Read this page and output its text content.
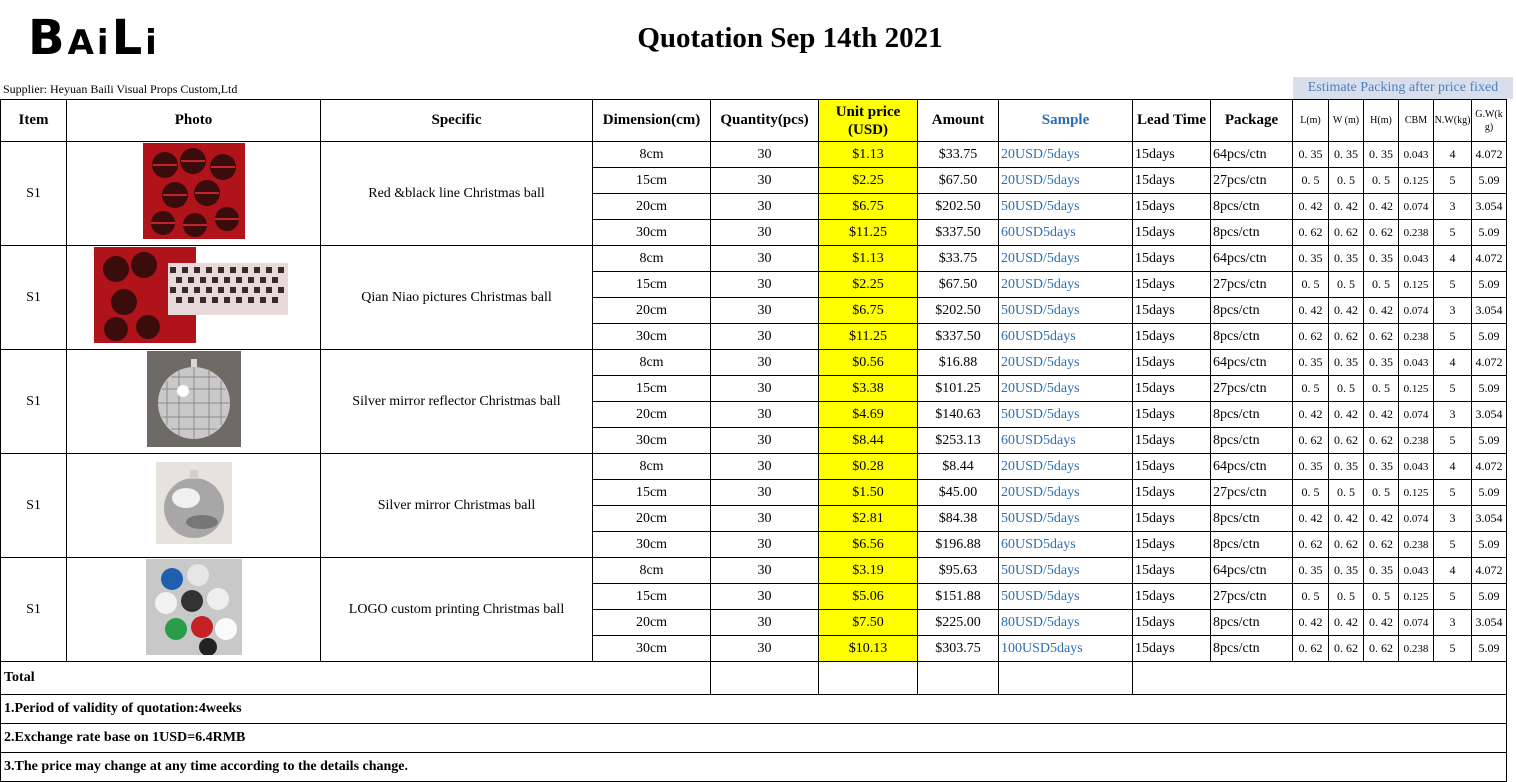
BAiLi	Quotation Sep 14th 2021
Supplier: Heyuan Baili Visual Props Custom,Ltd	Estimate Packing after price fixed
Item	Photo	Specific	Dimension(cm)	Quantity(pcs)	Unit price (USD)	Amount	Sample	Lead Time	Package	L(m)	W (m)	H(m)	CBM	N.W(kg)	G.W(kg)
S1		Red &black line Christmas ball	8cm	30	$1.13	$33.75	20USD/5days	15days	64pcs/ctn	0. 35	0. 35	0. 35	0.043	4	4.072
			15cm	30	$2.25	$67.50	20USD/5days	15days	27pcs/ctn	0. 5	0. 5	0. 5	0.125	5	5.09
			20cm	30	$6.75	$202.50	50USD/5days	15days	8pcs/ctn	0. 42	0. 42	0. 42	0.074	3	3.054
			30cm	30	$11.25	$337.50	60USD5days	15days	8pcs/ctn	0. 62	0. 62	0. 62	0.238	5	5.09
S1		Qian Niao pictures Christmas ball	8cm	30	$1.13	$33.75	20USD/5days	15days	64pcs/ctn	0. 35	0. 35	0. 35	0.043	4	4.072
			15cm	30	$2.25	$67.50	20USD/5days	15days	27pcs/ctn	0. 5	0. 5	0. 5	0.125	5	5.09
			20cm	30	$6.75	$202.50	50USD/5days	15days	8pcs/ctn	0. 42	0. 42	0. 42	0.074	3	3.054
			30cm	30	$11.25	$337.50	60USD5days	15days	8pcs/ctn	0. 62	0. 62	0. 62	0.238	5	5.09
S1		Silver mirror reflector Christmas ball	8cm	30	$0.56	$16.88	20USD/5days	15days	64pcs/ctn	0. 35	0. 35	0. 35	0.043	4	4.072
			15cm	30	$3.38	$101.25	20USD/5days	15days	27pcs/ctn	0. 5	0. 5	0. 5	0.125	5	5.09
			20cm	30	$4.69	$140.63	50USD/5days	15days	8pcs/ctn	0. 42	0. 42	0. 42	0.074	3	3.054
			30cm	30	$8.44	$253.13	60USD5days	15days	8pcs/ctn	0. 62	0. 62	0. 62	0.238	5	5.09
S1		Silver mirror Christmas ball	8cm	30	$0.28	$8.44	20USD/5days	15days	64pcs/ctn	0. 35	0. 35	0. 35	0.043	4	4.072
			15cm	30	$1.50	$45.00	20USD/5days	15days	27pcs/ctn	0. 5	0. 5	0. 5	0.125	5	5.09
			20cm	30	$2.81	$84.38	50USD/5days	15days	8pcs/ctn	0. 42	0. 42	0. 42	0.074	3	3.054
			30cm	30	$6.56	$196.88	60USD5days	15days	8pcs/ctn	0. 62	0. 62	0. 62	0.238	5	5.09
S1		LOGO custom printing Christmas ball	8cm	30	$3.19	$95.63	50USD/5days	15days	64pcs/ctn	0. 35	0. 35	0. 35	0.043	4	4.072
			15cm	30	$5.06	$151.88	50USD/5days	15days	27pcs/ctn	0. 5	0. 5	0. 5	0.125	5	5.09
			20cm	30	$7.50	$225.00	80USD/5days	15days	8pcs/ctn	0. 42	0. 42	0. 42	0.074	3	3.054
			30cm	30	$10.13	$303.75	100USD5days	15days	8pcs/ctn	0. 62	0. 62	0. 62	0.238	5	5.09
Total															
1.Period of validity of quotation:4weeks															
2.Exchange rate base on 1USD=6.4RMB															
3.The price may change at any time according to the details change.															
